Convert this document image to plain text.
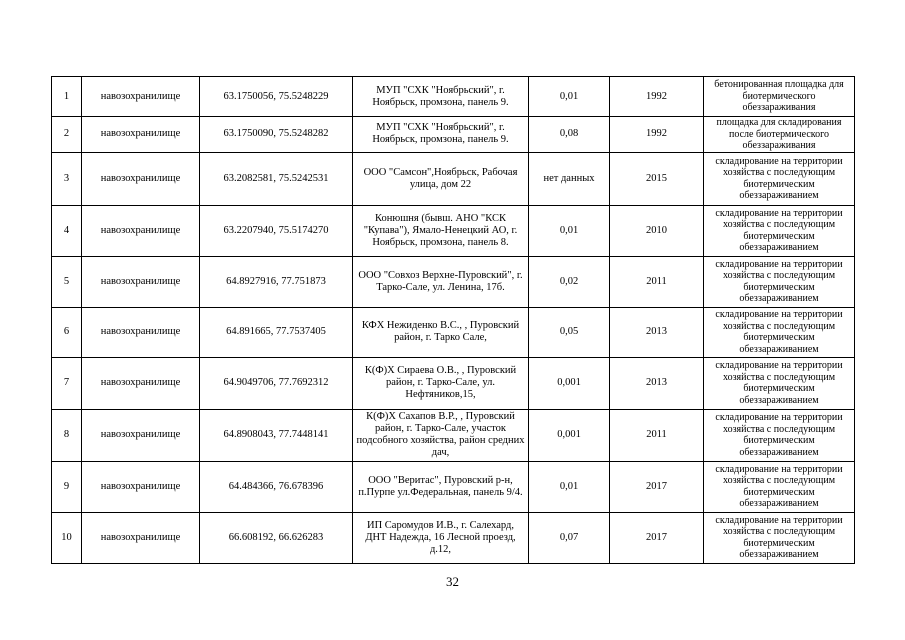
1	навозохранилище	63.1750056, 75.5248229	МУП "СХК "Ноябрьский", г. Ноябрьск, промзона, панель 9.	0,01	1992	бетонированная площадка для биотермического обеззараживания
2	навозохранилище	63.1750090, 75.5248282	МУП "СХК "Ноябрьский", г. Ноябрьск, промзона, панель 9.	0,08	1992	площадка для складирования после биотермического обеззараживания
3	навозохранилище	63.2082581, 75.5242531	ООО "Самсон",Ноябрьск, Рабочая улица, дом 22	нет данных	2015	складирование на территории хозяйства с последующим биотермическим обеззараживанием
4	навозохранилище	63.2207940, 75.5174270	Конюшня (бывш. АНО "КСК "Купава"), Ямало-Ненецкий АО, г. Ноябрьск, промзона, панель 8.	0,01	2010	складирование на территории хозяйства с последующим биотермическим обеззараживанием
5	навозохранилище	64.8927916, 77.751873	ООО "Совхоз Верхне-Пуровский", г. Тарко-Сале, ул. Ленина, 17б.	0,02	2011	складирование на территории хозяйства с последующим биотермическим обеззараживанием
6	навозохранилище	64.891665, 77.7537405	КФХ Нежиденко В.С., , Пуровский район, г. Тарко Сале,	0,05	2013	складирование на территории хозяйства с последующим биотермическим обеззараживанием
7	навозохранилище	64.9049706, 77.7692312	К(Ф)Х Сираева О.В., , Пуровский район, г. Тарко-Сале, ул. Нефтяников,15,	0,001	2013	складирование на территории хозяйства с последующим биотермическим обеззараживанием
8	навозохранилище	64.8908043, 77.7448141	К(Ф)Х Сахапов В.Р., , Пуровский район, г. Тарко-Сале, участок подсобного хозяйства, район средних дач,	0,001	2011	складирование на территории хозяйства с последующим биотермическим обеззараживанием
9	навозохранилище	64.484366, 76.678396	ООО "Веритас", Пуровский р-н, п.Пурпе ул.Федеральная, панель 9/4.	0,01	2017	складирование на территории хозяйства с последующим биотермическим обеззараживанием
10	навозохранилище	66.608192, 66.626283	ИП Саромудов И.В., г. Салехард, ДНТ Надежда, 16 Лесной проезд, д.12,	0,07	2017	складирование на территории хозяйства с последующим биотермическим обеззараживанием
32
